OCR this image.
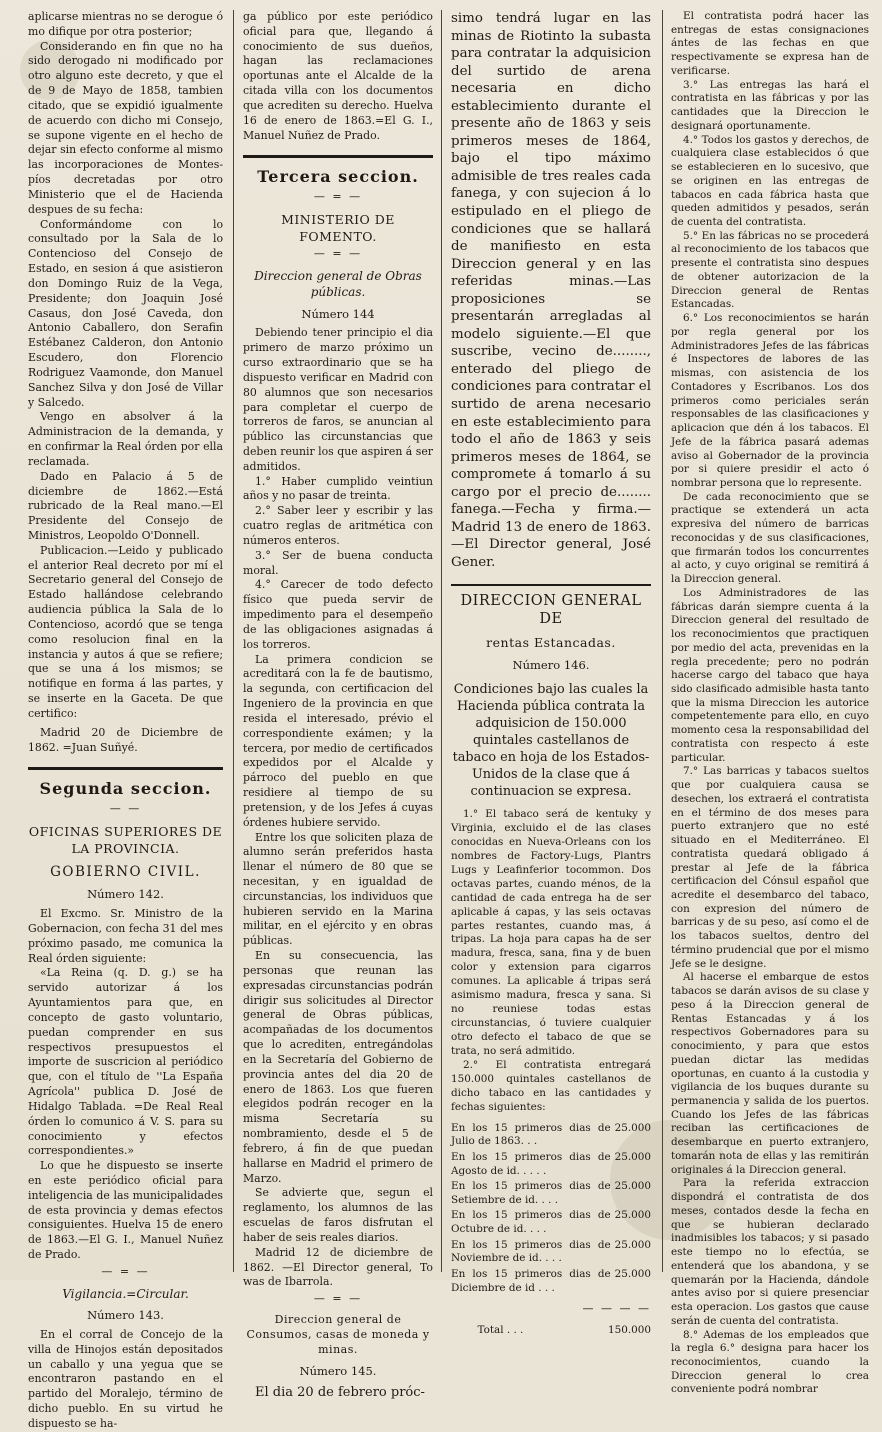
aplicarse mientras no se derogue ó mo difique por otra posterior;

Considerando en fin que no ha sido derogado ni modificado por otro alguno este decreto, y que el de 9 de Mayo de 1858, tambien citado, que se expidió igualmente de acuerdo con dicho mi Consejo, se supone vigente en el hecho de dejar sin efecto conforme al mismo las incorporaciones de Montes-píos decretadas por otro Ministerio que el de Hacienda despues de su fecha:

Conformándome con lo consultado por la Sala de lo Contencioso del Consejo de Estado, en sesion á que asistieron don Domingo Ruiz de la Vega, Presidente; don Joaquin José Casaus, don José Caveda, don Antonio Caballero, don Serafin Estébanez Calderon, don Antonio Escudero, don Florencio Rodriguez Vaamonde, don Manuel Sanchez Silva y don José de Villar y Salcedo.

Vengo en absolver á la Administracion de la demanda, y en confirmar la Real órden por ella reclamada.

Dado en Palacio á 5 de diciembre de 1862.—Está rubricado de la Real mano.—El Presidente del Consejo de Ministros, Leopoldo O'Donnell.

Publicacion.—Leido y publicado el anterior Real decreto por mí el Secretario general del Consejo de Estado hallándose celebrando audiencia pública la Sala de lo Contencioso, acordó que se tenga como resolucion final en la instancia y autos á que se refiere; que se una á los mismos; se notifique en forma á las partes, y se inserte en la Gaceta. De que certifico:

Madrid 20 de Diciembre de 1862. =Juan Suñyé.

Segunda seccion.
— —
OFICINAS SUPERIORES DE LA PROVINCIA.
GOBIERNO CIVIL.
Número 142.

El Excmo. Sr. Ministro de la Gobernacion, con fecha 31 del mes próximo pasado, me comunica la Real órden siguiente:

«La Reina (q. D. g.) se ha servido autorizar á los Ayuntamientos para que, en concepto de gasto voluntario, puedan comprender en sus respectivos presupuestos el importe de suscricion al periódico que, con el título de ''La España Agrícola'' publica D. José de Hidalgo Tablada. =De Real Real órden lo comunico á V. S. para su conocimiento y efectos correspondientes.»

Lo que he dispuesto se inserte en este periódico oficial para inteligencia de las municipalidades de esta provincia y demas efectos consiguientes. Huelva 15 de enero de 1863.—El G. I., Manuel Nuñez de Prado.

— = —
Vigilancia.=Circular.
Número 143.

En el corral de Concejo de la villa de Hinojos están depositados un caballo y una yegua que se encontraron pastando en el partido del Moralejo, término de dicho pueblo. En su virtud he dispuesto se ha-

ga público por este periódico oficial para que, llegando á conocimiento de sus dueños, hagan las reclamaciones oportunas ante el Alcalde de la citada villa con los documentos que acrediten su derecho. Huelva 16 de enero de 1863.=El G. I., Manuel Nuñez de Prado.

Tercera seccion.
— = —
MINISTERIO DE FOMENTO.
— = —
Direccion general de Obras públicas.
Número 144

Debiendo tener principio el dia primero de marzo próximo un curso extraordinario que se ha dispuesto verificar en Madrid con 80 alumnos que son necesarios para completar el cuerpo de torreros de faros, se anuncian al público las circunstancias que deben reunir los que aspiren á ser admitidos.

1.° Haber cumplido veintiun años y no pasar de treinta.

2.° Saber leer y escribir y las cuatro reglas de aritmética con números enteros.

3.° Ser de buena conducta moral.

4.° Carecer de todo defecto físico que pueda servir de impedimento para el desempeño de las obligaciones asignadas á los torreros.

La primera condicion se acreditará con la fe de bautismo, la segunda, con certificacion del Ingeniero de la provincia en que resida el interesado, prévio el correspondiente exámen; y la tercera, por medio de certificados expedidos por el Alcalde y párroco del pueblo en que residiere al tiempo de su pretension, y de los Jefes á cuyas órdenes hubiere servido.

Entre los que soliciten plaza de alumno serán preferidos hasta llenar el número de 80 que se necesitan, y en igualdad de circunstancias, los individuos que hubieren servido en la Marina militar, en el ejército y en obras públicas.

En su consecuencia, las personas que reunan las expresadas circunstancias podrán dirigir sus solicitudes al Director general de Obras públicas, acompañadas de los documentos que lo acrediten, entregándolas en la Secretaría del Gobierno de provincia antes del dia 20 de enero de 1863. Los que fueren elegidos podrán recoger en la misma Secretaría su nombramiento, desde el 5 de febrero, á fin de que puedan hallarse en Madrid el primero de Marzo.

Se advierte que, segun el reglamento, los alumnos de las escuelas de faros disfrutan el haber de seis reales diarios.

Madrid 12 de diciembre de 1862. —El Director general, To was de Ibarrola.

— = —
Direccion general de Consumos, casas de moneda y minas.
Número 145.

El dia 20 de febrero próc-

simo tendrá lugar en las minas de Riotinto la subasta para contratar la adquisicion del surtido de arena necesaria en dicho establecimiento durante el presente año de 1863 y seis primeros meses de 1864, bajo el tipo máximo admisible de tres reales cada fanega, y con sujecion á lo estipulado en el pliego de condiciones que se hallará de manifiesto en esta Direccion general y en las referidas minas.—Las proposiciones se presentarán arregladas al modelo siguiente.—El que suscribe, vecino de........, enterado del pliego de condiciones para contratar el surtido de arena necesario en este establecimiento para todo el año de 1863 y seis primeros meses de 1864, se compromete á tomarlo á su cargo por el precio de........ fanega.—Fecha y firma.—Madrid 13 de enero de 1863.—El Director general, José Gener.

DIRECCION GENERAL DE
rentas Estancadas.
Número 146.
Condiciones bajo las cuales la Hacienda pública contrata la adquisicion de 150.000 quintales castellanos de tabaco en hoja de los Estados-Unidos de la clase que á continuacion se expresa.

1.° El tabaco será de kentuky y Virginia, excluido el de las clases conocidas en Nueva-Orleans con los nombres de Factory-Lugs, Plantrs Lugs y Leafinferior tocommon. Dos octavas partes, cuando ménos, de la cantidad de cada entrega ha de ser aplicable á capas, y las seis octavas partes restantes, cuando mas, á tripas. La hoja para capas ha de ser madura, fresca, sana, fina y de buen color y extension para cigarros comunes. La aplicable á tripas será asimismo madura, fresca y sana. Si no reuniese todas estas circunstancias, ó tuviere cualquier otro defecto el tabaco de que se trata, no será admitido.

2.° El contratista entregará 150.000 quintales castellanos de dicho tabaco en las cantidades y fechas siguientes:

En los 15 primeros dias de Julio de 1863. . .	25.000
En los 15 primeros dias de Agosto de id. . . . .	25.000
En los 15 primeros dias de Setiembre de id. . . .	25.000
En los 15 primeros dias de Octubre de id. . . .	25.000
En los 15 primeros dias de Noviembre de id. . . .	25.000
En los 15 primeros dias de Diciembre de id . . .	25.000
— — — —
Total . . .	150.000

El contratista podrá hacer las entregas de estas consignaciones ántes de las fechas en que respectivamente se expresa han de verificarse.

3.° Las entregas las hará el contratista en las fábricas y por las cantidades que la Direccion le designará oportunamente.

4.° Todos los gastos y derechos, de cualquiera clase establecidos ó que se establecieren en lo sucesivo, que se originen en las entregas de tabacos en cada fábrica hasta que queden admitidos y pesados, serán de cuenta del contratista.

5.° En las fábricas no se procederá al reconocimiento de los tabacos que presente el contratista sino despues de obtener autorizacion de la Direccion general de Rentas Estancadas.

6.° Los reconocimientos se harán por regla general por los Administradores Jefes de las fábricas é Inspectores de labores de las mismas, con asistencia de los Contadores y Escribanos. Los dos primeros como periciales serán responsables de las clasificaciones y aplicacion que dén á los tabacos. El Jefe de la fábrica pasará ademas aviso al Gobernador de la provincia por si quiere presidir el acto ó nombrar persona que lo represente.

De cada reconocimiento que se practique se extenderá un acta expresiva del número de barricas reconocidas y de sus clasificaciones, que firmarán todos los concurrentes al acto, y cuyo original se remitirá á la Direccion general.

Los Administradores de las fábricas darán siempre cuenta á la Direccion general del resultado de los reconocimientos que practiquen por medio del acta, prevenidas en la regla precedente; pero no podrán hacerse cargo del tabaco que haya sido clasificado admisible hasta tanto que la misma Direccion les autorice competentemente para ello, en cuyo momento cesa la responsabilidad del contratista con respecto á este particular.

7.° Las barricas y tabacos sueltos que por cualquiera causa se desechen, los extraerá el contratista en el término de dos meses para puerto extranjero que no esté situado en el Mediterráneo. El contratista quedará obligado á prestar al Jefe de la fábrica certificacion del Cónsul español que acredite el desembarco del tabaco, con expresion del número de barricas y de su peso, así como el de los tabacos sueltos, dentro del término prudencial que por el mismo Jefe se le designe.

Al hacerse el embarque de estos tabacos se darán avisos de su clase y peso á la Direccion general de Rentas Estancadas y á los respectivos Gobernadores para su conocimiento, y para que estos puedan dictar las medidas oportunas, en cuanto á la custodia y vigilancia de los buques durante su permanencia y salida de los puertos. Cuando los Jefes de las fábricas reciban las certificaciones de desembarque en puerto extranjero, tomarán nota de ellas y las remitirán originales á la Direccion general.

Para la referida extraccion dispondrá el contratista de dos meses, contados desde la fecha en que se hubieran declarado inadmisibles los tabacos; y si pasado este tiempo no lo efectúa, se entenderá que los abandona, y se quemarán por la Hacienda, dándole antes aviso por si quiere presenciar esta operacion. Los gastos que cause serán de cuenta del contratista.

8.° Ademas de los empleados que la regla 6.° designa para hacer los reconocimientos, cuando la Direccion general lo crea conveniente podrá nombrar
